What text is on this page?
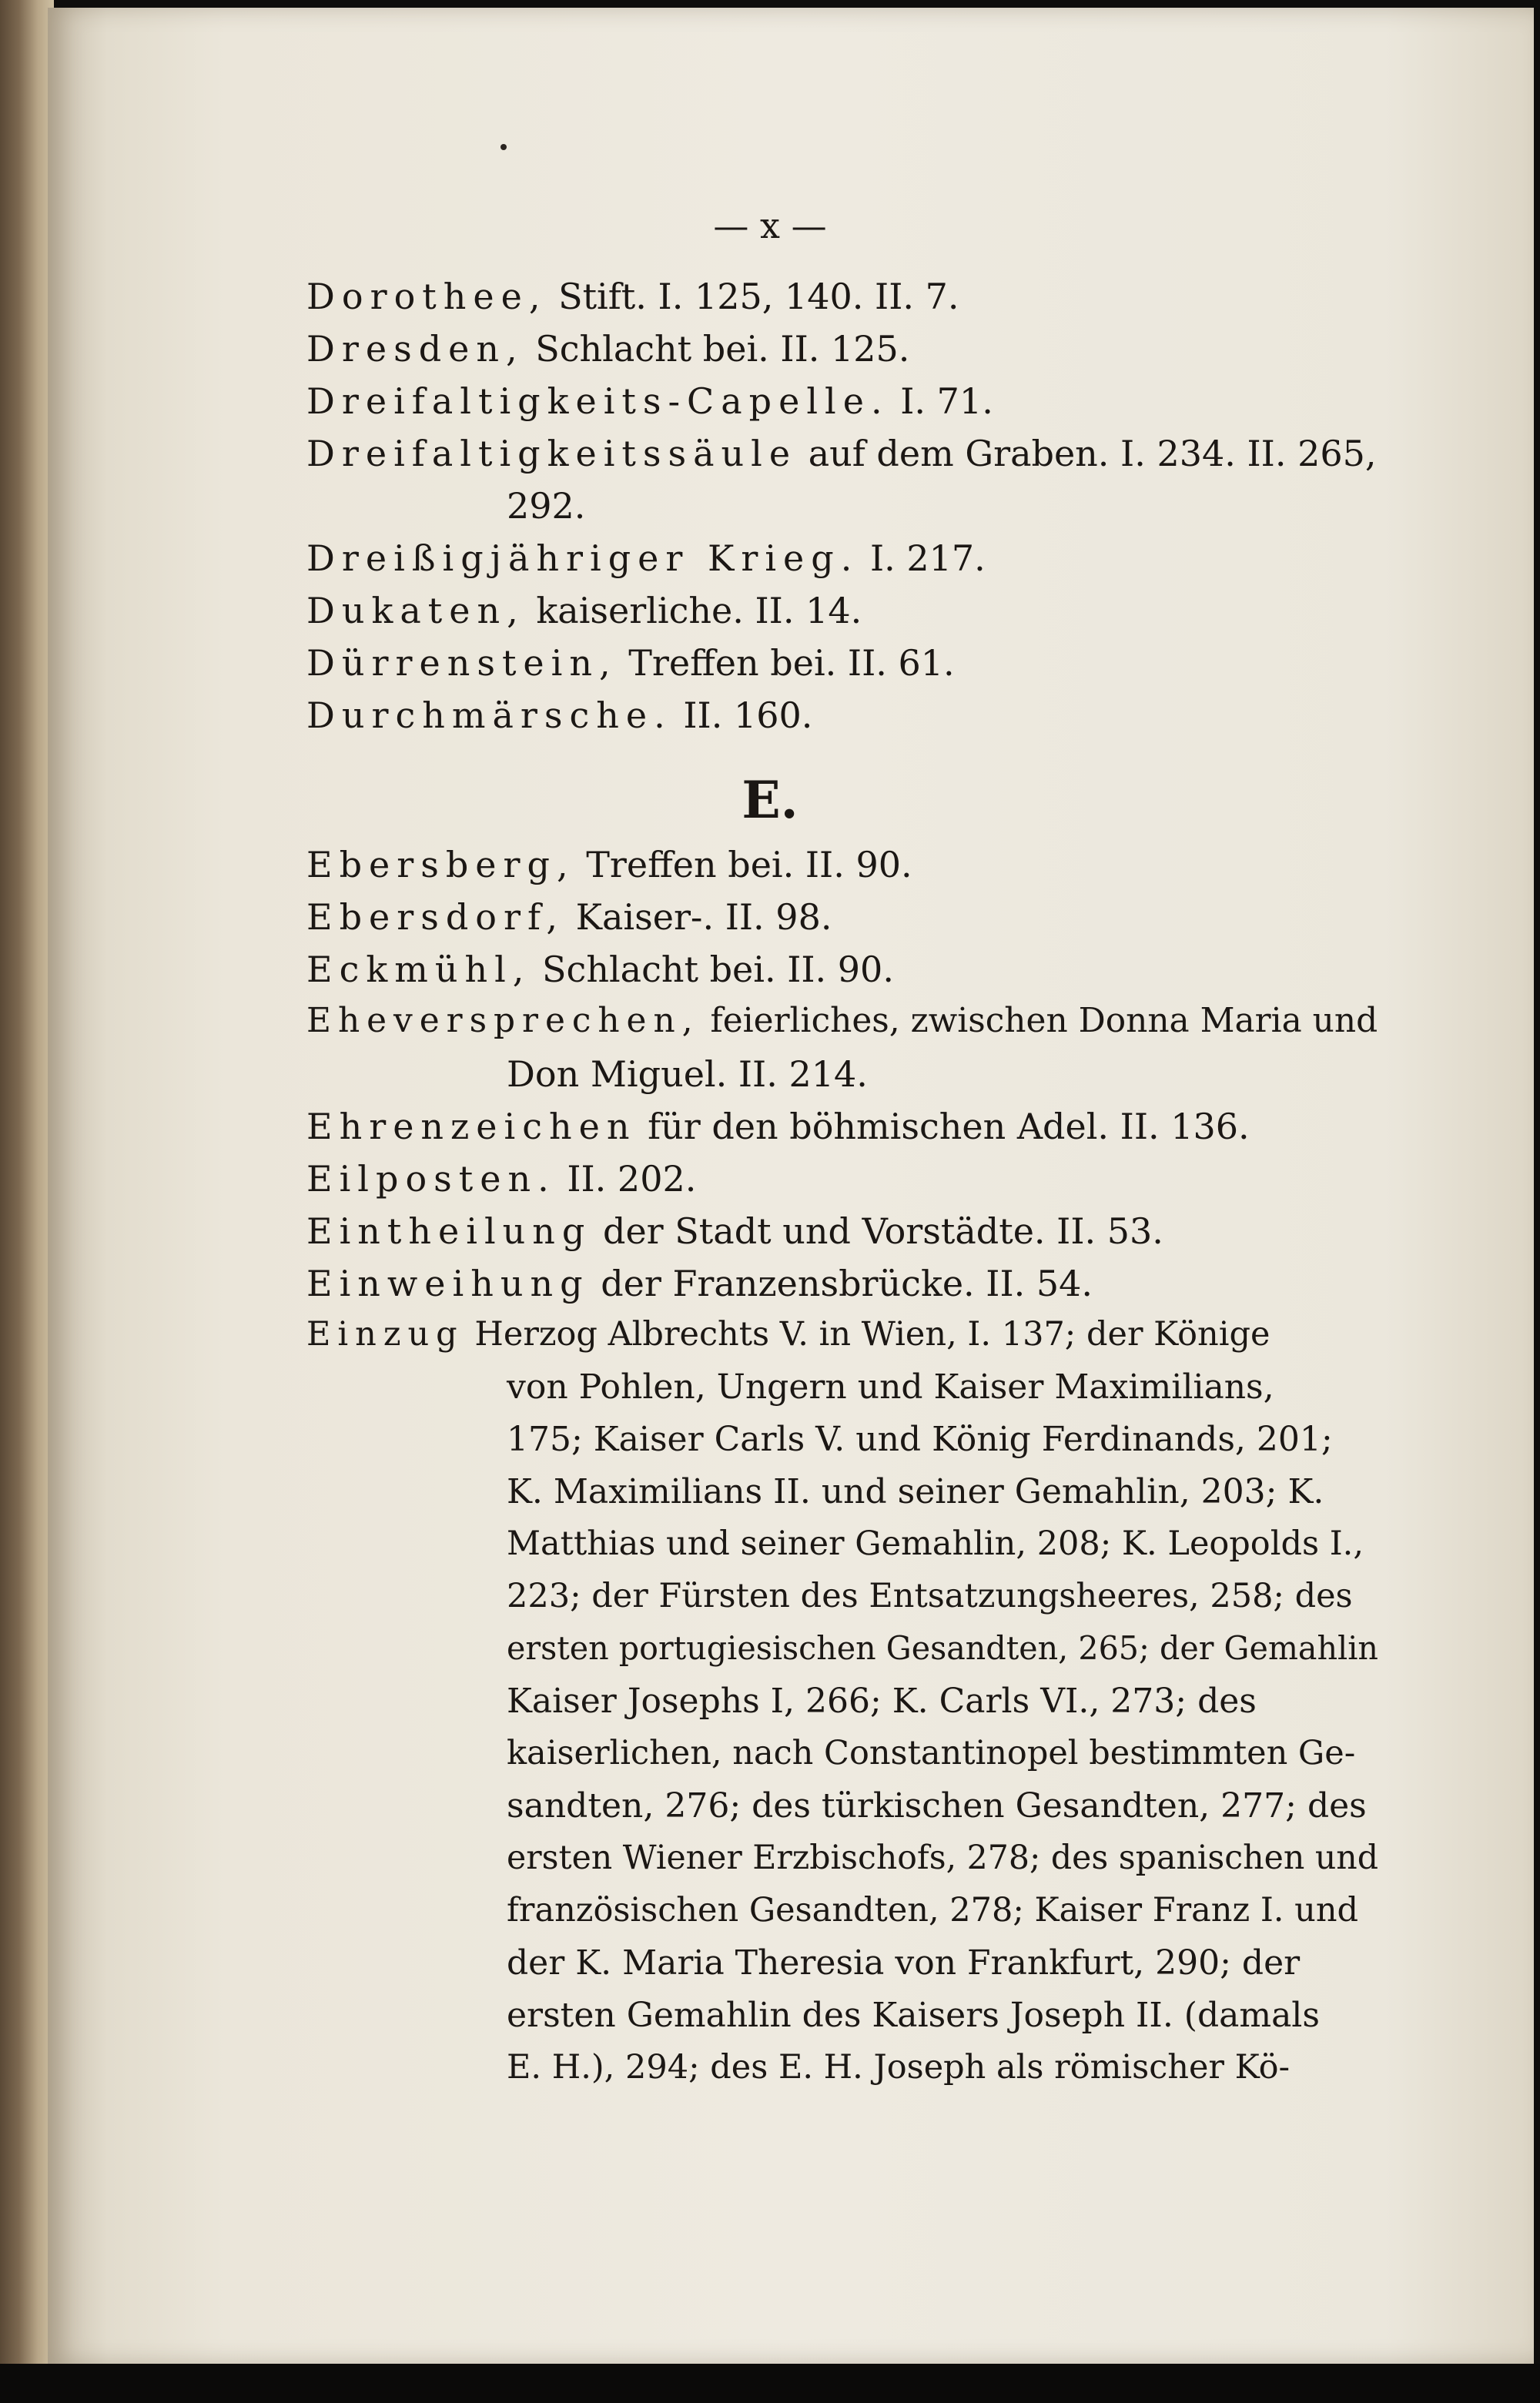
— x —
Dorothee, Stift. I. 125, 140. II. 7.
Dresden, Schlacht bei. II. 125.
Dreifaltigkeits-Capelle. I. 71.
Dreifaltigkeitssäule auf dem Graben. I. 234. II. 265,
292.
Dreißigjähriger Krieg. I. 217.
Dukaten, kaiserliche. II. 14.
Dürrenstein, Treffen bei. II. 61.
Durchmärsche. II. 160.
E.
Ebersberg, Treffen bei. II. 90.
Ebersdorf, Kaiser-. II. 98.
Eckmühl, Schlacht bei. II. 90.
Eheversprechen, feierliches, zwischen Donna Maria und
Don Miguel. II. 214.
Ehrenzeichen für den böhmischen Adel. II. 136.
Eilposten. II. 202.
Eintheilung der Stadt und Vorstädte. II. 53.
Einweihung der Franzensbrücke. II. 54.
Einzug Herzog Albrechts V. in Wien, I. 137; der Könige
von Pohlen, Ungern und Kaiser Maximilians,
175; Kaiser Carls V. und König Ferdinands, 201;
K. Maximilians II. und seiner Gemahlin, 203; K.
Matthias und seiner Gemahlin, 208; K. Leopolds I.,
223; der Fürsten des Entsatzungsheeres, 258; des
ersten portugiesischen Gesandten, 265; der Gemahlin
Kaiser Josephs I, 266; K. Carls VI., 273; des
kaiserlichen, nach Constantinopel bestimmten Ge-
sandten, 276; des türkischen Gesandten, 277; des
ersten Wiener Erzbischofs, 278; des spanischen und
französischen Gesandten, 278; Kaiser Franz I. und
der K. Maria Theresia von Frankfurt, 290; der
ersten Gemahlin des Kaisers Joseph II. (damals
E. H.), 294; des E. H. Joseph als römischer Kö-
